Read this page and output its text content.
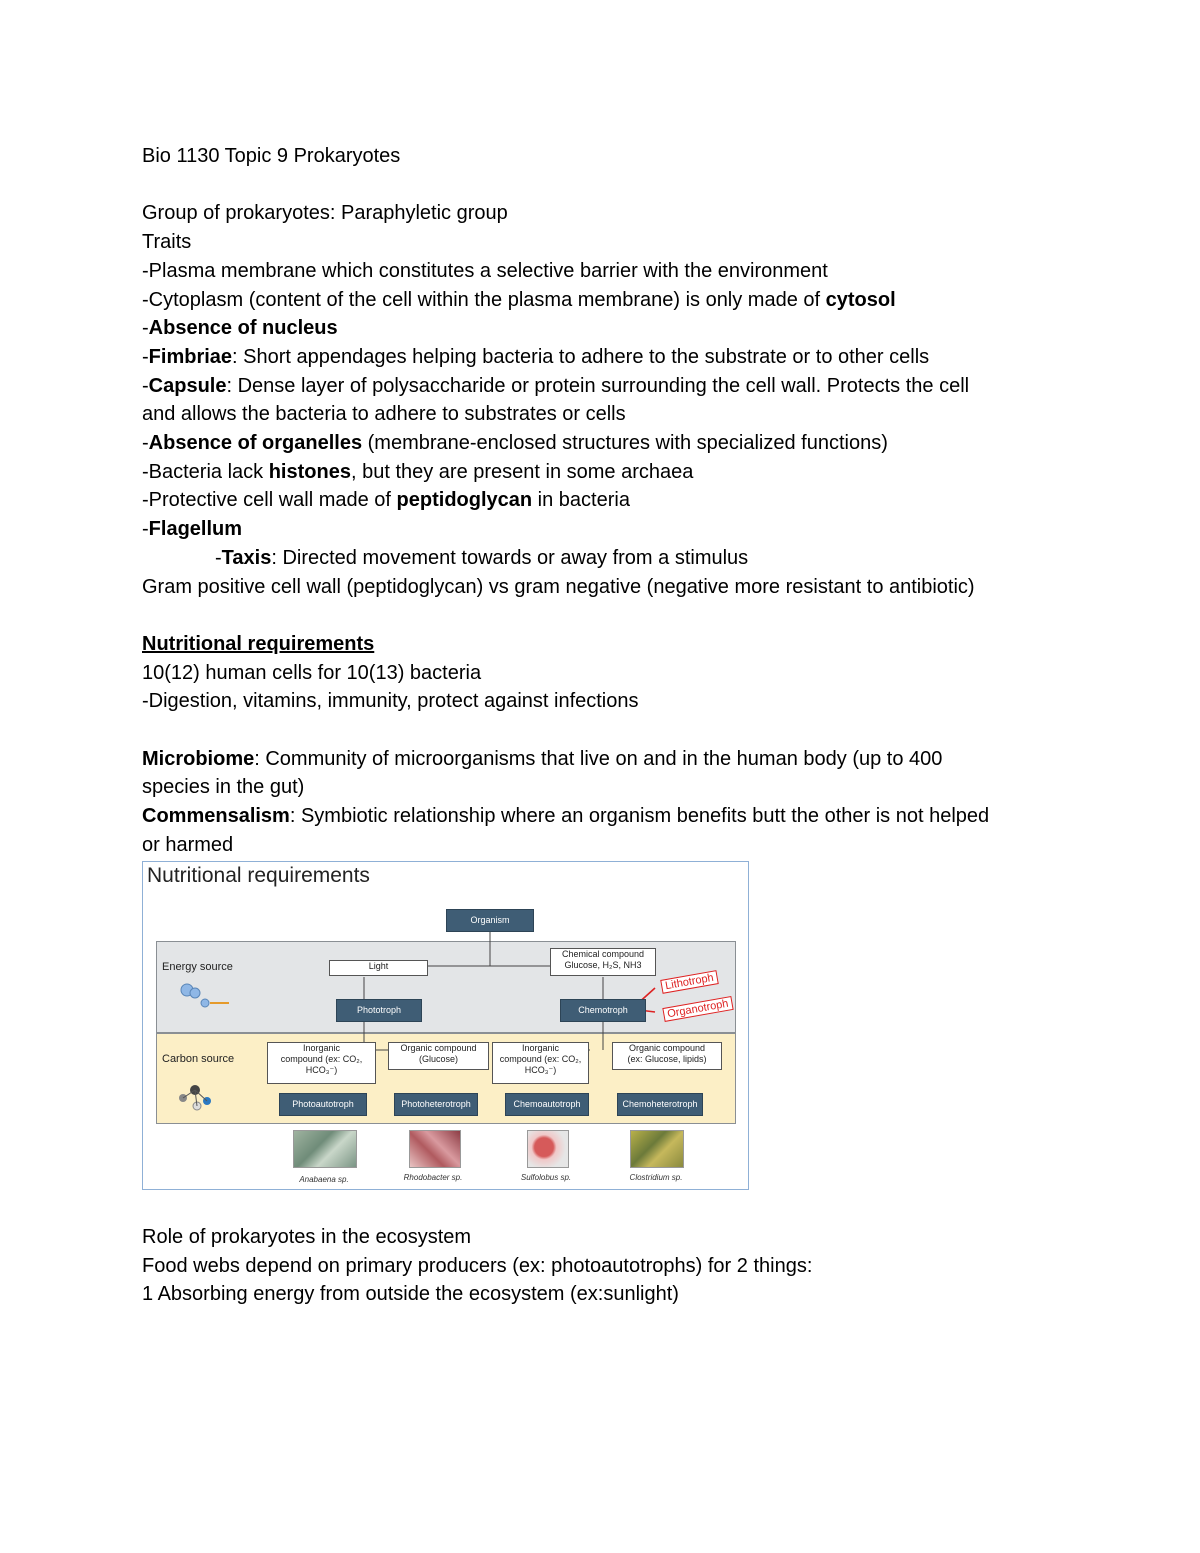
Bio 1130 Topic 9 Prokaryotes
Group of prokaryotes: Paraphyletic group
Traits
-Plasma membrane which constitutes a selective barrier with the environment
-Cytoplasm (content of the cell within the plasma membrane) is only made of cytosol
-Absence of nucleus
-Fimbriae: Short appendages helping bacteria to adhere to the substrate or to other cells
-Capsule: Dense layer of polysaccharide or protein surrounding the cell wall. Protects the cell
and allows the bacteria to adhere to substrates or cells
-Absence of organelles (membrane-enclosed structures with specialized functions)
-Bacteria lack histones, but they are present in some archaea
-Protective cell wall made of peptidoglycan in bacteria
-Flagellum
-Taxis: Directed movement towards or away from a stimulus
Gram positive cell wall (peptidoglycan) vs gram negative (negative more resistant to antibiotic)
Nutritional requirements
10(12) human cells for 10(13) bacteria
-Digestion, vitamins, immunity, protect against infections
Microbiome: Community of microorganisms that live on and in the human body (up to 400
species in the gut)
Commensalism: Symbiotic relationship where an organism benefits butt the other is not helped
or harmed
Nutritional requirements
Organism
Energy source	Light
Chemical compound
Glucose, H₂S, NH3
Phototroph	Chemotroph
Lithotroph
Organotroph
Carbon source
Inorganic
compound (ex: CO₂,
HCO₃⁻)
Organic compound
(Glucose)
Inorganic
compound (ex: CO₂,
HCO₃⁻)
Organic compound
(ex: Glucose, lipids)
Photoautotroph	Photoheterotroph	Chemoautotroph	Chemoheterotroph
Anabaena sp.	Rhodobacter sp.	Sulfolobus sp.	Clostridium sp.
Role of prokaryotes in the ecosystem
Food webs depend on primary producers (ex: photoautotrophs) for 2 things:
1 Absorbing energy from outside the ecosystem (ex:sunlight)
